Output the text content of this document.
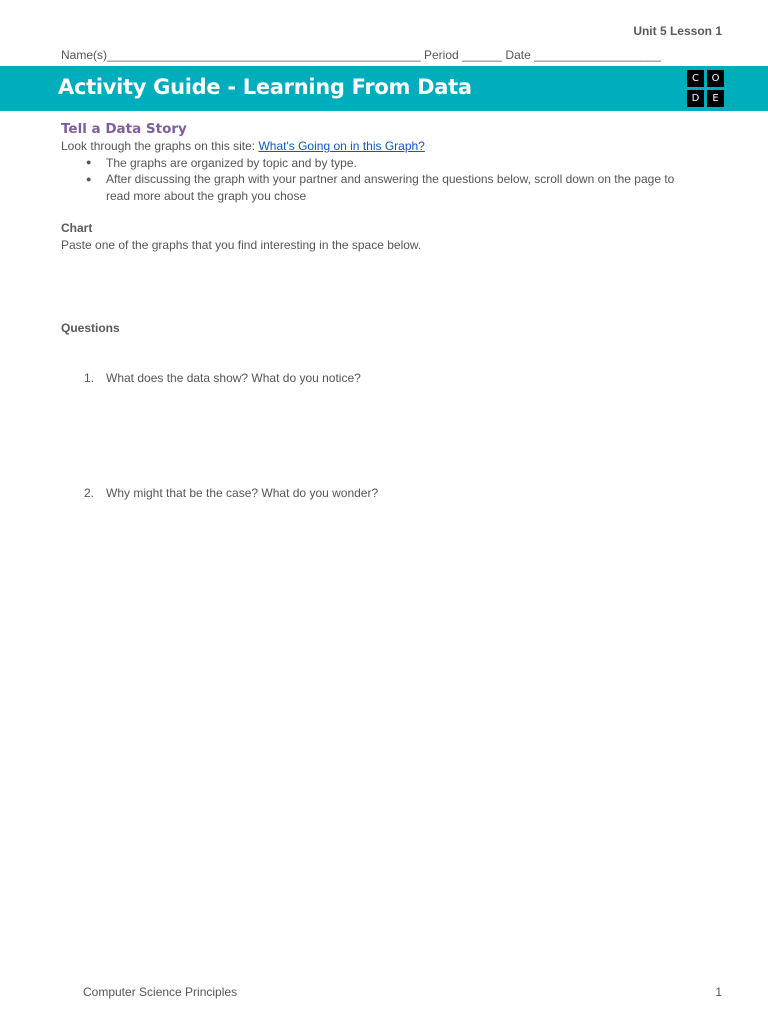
Unit 5 Lesson 1
Name(s)_______________________________________________ Period ______ Date ___________________
Activity Guide - Learning From Data	C	O
D	E
Tell a Data Story
Look through the graphs on this site: What's Going on in this Graph?
● The graphs are organized by topic and by type.
● After discussing the graph with your partner and answering the questions below, scroll down on the page to
read more about the graph you chose
Chart
Paste one of the graphs that you find interesting in the space below.
Questions
1. What does the data show? What do you notice?
2. Why might that be the case? What do you wonder?
Computer Science Principles	1
